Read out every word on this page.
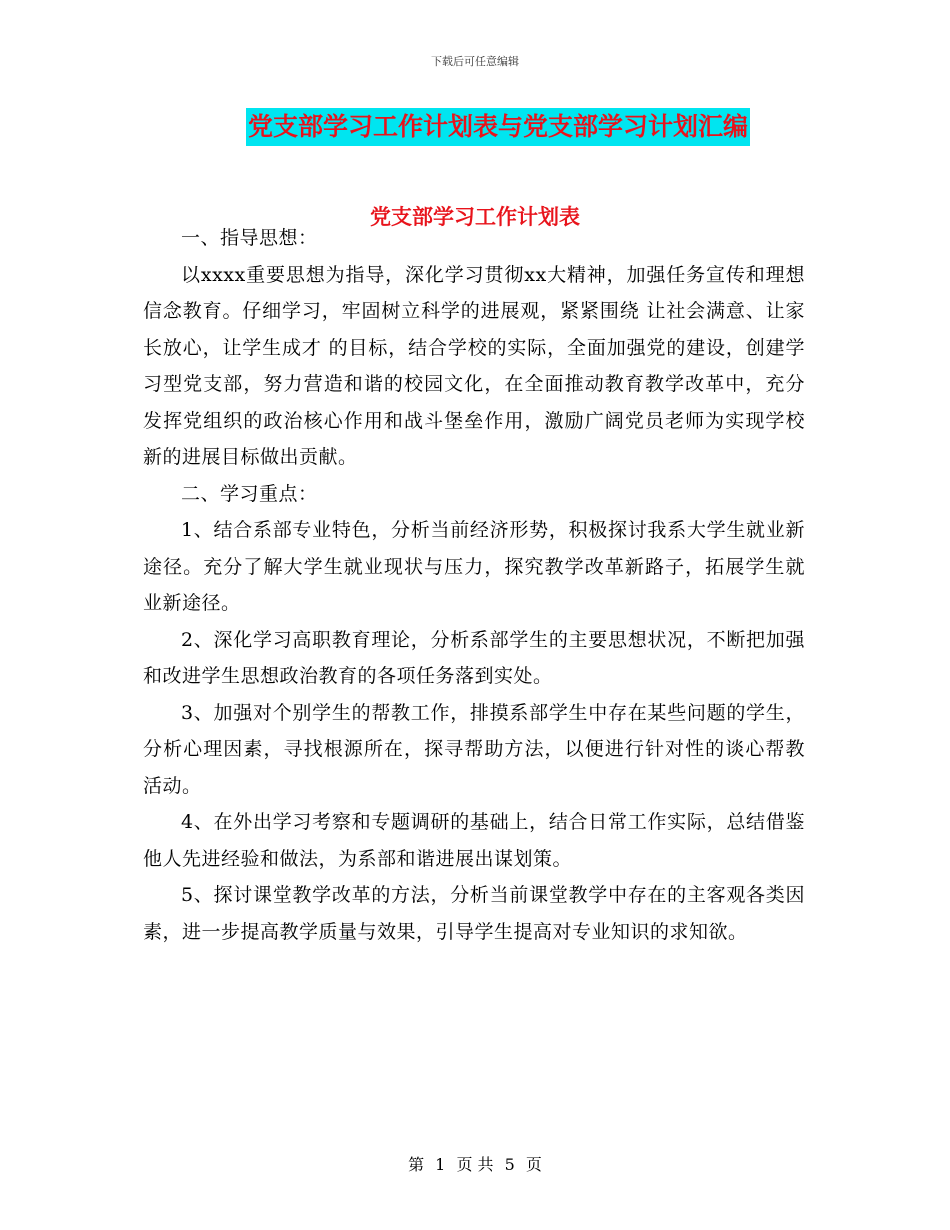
下载后可任意编辑
党支部学习工作计划表与党支部学习计划汇编
党支部学习工作计划表

一、指导思想：

以xxxx重要思想为指导，深化学习贯彻xx大精神，加强任务宣传和理想信念教育。仔细学习，牢固树立科学的进展观，紧紧围绕 让社会满意、让家长放心，让学生成才 的目标，结合学校的实际，全面加强党的建设，创建学习型党支部，努力营造和谐的校园文化，在全面推动教育教学改革中，充分发挥党组织的政治核心作用和战斗堡垒作用，激励广阔党员老师为实现学校新的进展目标做出贡献。

二、学习重点：

1、结合系部专业特色，分析当前经济形势，积极探讨我系大学生就业新途径。充分了解大学生就业现状与压力，探究教学改革新路子，拓展学生就业新途径。

2、深化学习高职教育理论，分析系部学生的主要思想状况，不断把加强和改进学生思想政治教育的各项任务落到实处。

3、加强对个别学生的帮教工作，排摸系部学生中存在某些问题的学生，分析心理因素，寻找根源所在，探寻帮助方法，以便进行针对性的谈心帮教活动。

4、在外出学习考察和专题调研的基础上，结合日常工作实际，总结借鉴他人先进经验和做法，为系部和谐进展出谋划策。

5、探讨课堂教学改革的方法，分析当前课堂教学中存在的主客观各类因素，进一步提高教学质量与效果，引导学生提高对专业知识的求知欲。

第 1 页 共 5 页
